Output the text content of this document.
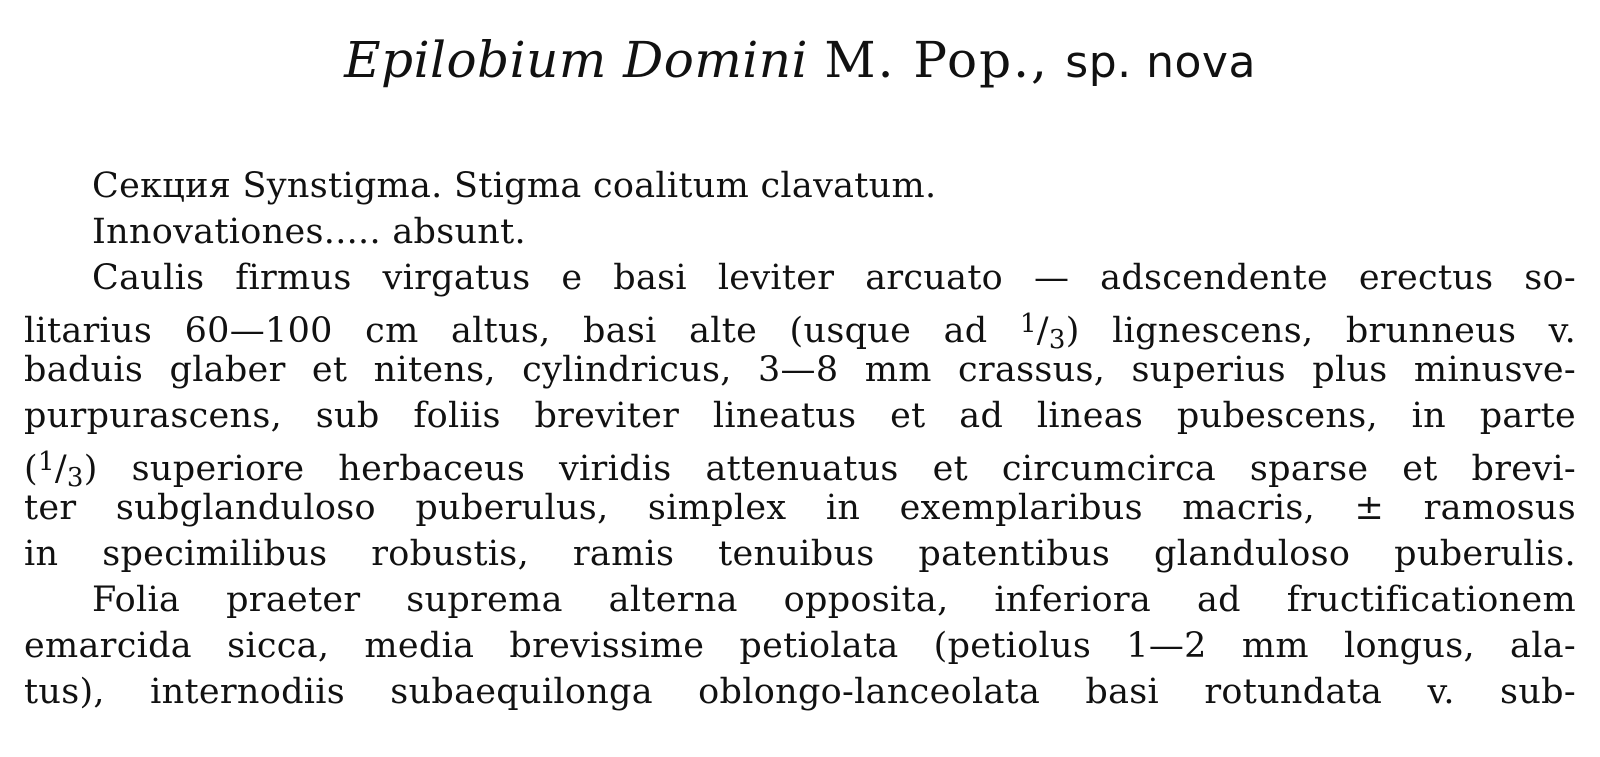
Epilobium Domini M. Pop., sp. nova
Секция Synstigma. Stigma coalitum clavatum.
Innovationes..... absunt.
Caulis firmus virgatus e basi leviter arcuato — adscendente erectus so-
litarius 60—100 cm altus, basi alte (usque ad $^1$/3) lignescens, brunneus v.
baduis glaber et nitens, cylindricus, 3—8 mm crassus, superius plus minusve-
purpurascens, sub foliis breviter lineatus et ad lineas pubescens, in parte
($^1$/3) superiore herbaceus viridis attenuatus et circumcirca sparse et brevi-
ter subglanduloso puberulus, simplex in exemplaribus macris, ± ramosus
in specimilibus robustis, ramis tenuibus patentibus glanduloso puberulis.
Folia praeter suprema alterna opposita, inferiora ad fructificationem
emarcida sicca, media brevissime petiolata (petiolus 1—2 mm longus, ala-
tus), internodiis subaequilonga oblongo-lanceolata basi rotundata v. sub-
